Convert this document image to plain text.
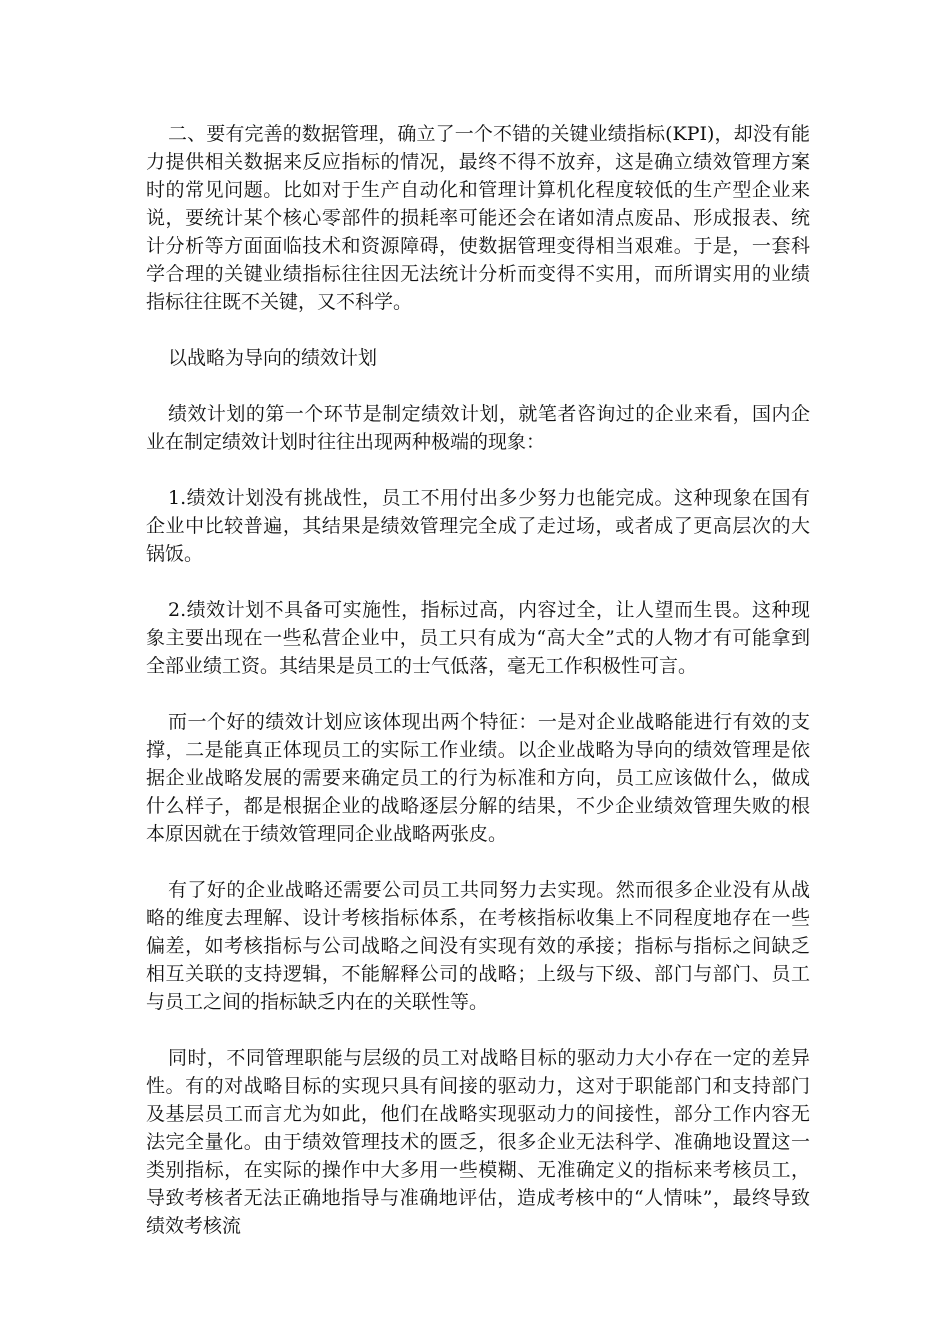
二、要有完善的数据管理，确立了一个不错的关键业绩指标(KPI)，却没有能力提供相关数据来反应指标的情况，最终不得不放弃，这是确立绩效管理方案时的常见问题。比如对于生产自动化和管理计算机化程度较低的生产型企业来说，要统计某个核心零部件的损耗率可能还会在诸如清点废品、形成报表、统计分析等方面面临技术和资源障碍，使数据管理变得相当艰难。于是，一套科学合理的关键业绩指标往往因无法统计分析而变得不实用，而所谓实用的业绩指标往往既不关键，又不科学。

以战略为导向的绩效计划

绩效计划的第一个环节是制定绩效计划，就笔者咨询过的企业来看，国内企业在制定绩效计划时往往出现两种极端的现象：

1.绩效计划没有挑战性，员工不用付出多少努力也能完成。这种现象在国有企业中比较普遍，其结果是绩效管理完全成了走过场，或者成了更高层次的大锅饭。

2.绩效计划不具备可实施性，指标过高，内容过全，让人望而生畏。这种现象主要出现在一些私营企业中，员工只有成为“高大全”式的人物才有可能拿到全部业绩工资。其结果是员工的士气低落，毫无工作积极性可言。

而一个好的绩效计划应该体现出两个特征：一是对企业战略能进行有效的支撑，二是能真正体现员工的实际工作业绩。以企业战略为导向的绩效管理是依据企业战略发展的需要来确定员工的行为标准和方向，员工应该做什么，做成什么样子，都是根据企业的战略逐层分解的结果，不少企业绩效管理失败的根本原因就在于绩效管理同企业战略两张皮。

有了好的企业战略还需要公司员工共同努力去实现。然而很多企业没有从战略的维度去理解、设计考核指标体系，在考核指标收集上不同程度地存在一些偏差，如考核指标与公司战略之间没有实现有效的承接；指标与指标之间缺乏相互关联的支持逻辑，不能解释公司的战略；上级与下级、部门与部门、员工与员工之间的指标缺乏内在的关联性等。

同时，不同管理职能与层级的员工对战略目标的驱动力大小存在一定的差异性。有的对战略目标的实现只具有间接的驱动力，这对于职能部门和支持部门及基层员工而言尤为如此，他们在战略实现驱动力的间接性，部分工作内容无法完全量化。由于绩效管理技术的匮乏，很多企业无法科学、准确地设置这一类别指标，在实际的操作中大多用一些模糊、无准确定义的指标来考核员工，导致考核者无法正确地指导与准确地评估，造成考核中的“人情味”，最终导致绩效考核流
